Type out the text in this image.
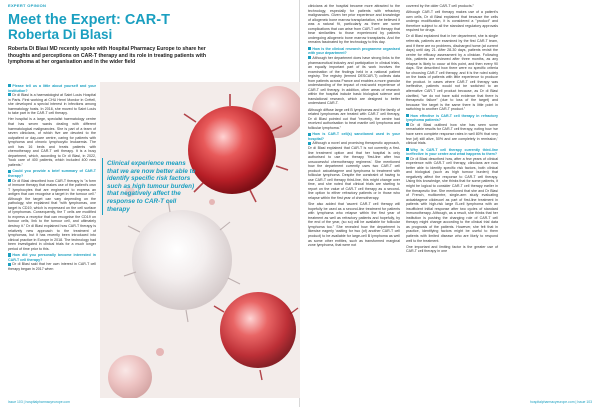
EXPERT OPINION
Meet the Expert: CAR-T
Roberta Di Blasi

Roberta Di Blasi MD recently spoke with Hospital Pharmacy Europe to share her thoughts and perceptions on CAR-T therapy and its role in treating patients with lymphoma at her organisation and in the wider field

Please tell us a little about yourself and your institution?

Dr di Blasi is a haematologist at Saint Louis Hospital in Paris. First working at CHU Henri Mondor in Créteil, she developed a special interest in infections among haematology hosts. In 2016, she moved to Saint Louis to take part in the CAR-T cell therapy.

Her hospital is a large, specialist haematology centre that has seven wards dealing with different haematological malignancies. She is part of a team of seven clinicians, of which five are devoted to the outpatient or day-care centre, caring for patients with lymphoma and chronic lymphocytic leukaemia. The unit has 16 beds and treats patients with chemotherapy and CAR-T cell therapy. It is a busy department, which, according to Dr di Blasi, in 2022, "took care of 400 patients, which included 400 new patients."

Could you provide a brief summary of CAR-T therapy?

Dr di Blasi described how CAR-T therapy is "a form of immune therapy that makes use of the patient's own T lymphocytes that are engineered to express an antigen that can recognise a target in the tumour cell." Although the target can vary depending on the pathology, she explained that "with lymphomas, one target is CD19, which is expressed on the cell surface of lymphomas. Consequently, the T cells are modified to express a receptor that can recognise the CD19 on tumour cells, link to the tumour cell, and ultimately destroy it." Dr di Blasi explained how CAR-T therapy is relatively new approach to the treatment of lymphomas, but it has recently been introduced into clinical practice in Europe in 2018. The technology had been investigated in clinical trials for a much longer period of time prior to this.

How did you personally become interested in CAR-T cell therapy?

Dr di Blasi said that her own interest in CAR-T cell therapy began in 2017 when

Clinical experience means that we are now better able to identify specific risk factors such as high tumour burden) that negatively affect the response to CAR-T cell therapy
Issue 103 | hospitalpharmacyeurope.com

clinicians at the hospital became more attracted to the technology, especially for patients with refractory malignancies. Given her prior experience and knowledge of allogeneic bone marrow transplantation, she believed it was a natural fit, particularly as there are some complications that can arise from CAR-T cell therapy that bear similarities to those experienced by patients undergoing allogeneic bone marrow transplants. And the remains fascinated by the technology to this day.

How is the clinical research programme organised with your department?

Although her department does have strong links to the pharmaceutical industry and participation in clinical trials, an equally important part of its work involves the examination of the findings held in a national patient registry. The registry (termed DESCAR-T) collects data from patients across France and enables a more granular understanding of the impact of real-world experience of CAR-T cell therapy. In addition, other areas of research within the hospital include basic biological science and translational research, which are designed to better understand CAR-T.

Although diffuse large cell B lymphomas and the family of related lymphomas are treated with CAR-T cell therapy, Dr di Blasi pointed out that "recently, the centre had received authorisation to treat mantle cell lymphoma and follicular lymphoma."

How is CAR-T cell(s) sanctioned used in your hospital?

Although a novel and promising therapeutic approach, Dr di Blasi explained that CAR-T is not currently a first-line treatment option and that her hospital is only authorised to use the therapy 'first-line after two unsuccessful chemotherapy regimens'. She mentioned how the department currently uses two CAR-T cell product: axicabtagene and lymphoma to treatment with follicular lymphoma. Despite the constraint of having to use CAR-T cell therapy third-line, this might change over time, and she noted that clinical trials are starting to report on the value of CAR-T cell therapy as a second-line option to either refractory patients or in those who relapse within the first year of chemotherapy.

She also added that 'ascent CAR-T cell therapy will hopefully be used as a second-line treatment for patients with lymphoma who relapse within the first year of treatment as well as refractory patients and hopefully, by the end of the year, (so so) will be available for follicular lymphoma too." She revealed how the department is likewise eagerly 'waiting for two (of) another CAR-T cell product) to be available for large-cell B lymphoma as well as some other entities, such as transformed marginal zone lymphoma, that were not

covered by the older CAR-T cell products."

Although CAR-T cell therapy makes use of a patient's own cells, Dr di Blasi explained that because the cells undergo modification, it is considered a "product" and therefore subject to all the standard regulatory approvals required for drugs.

Dr di Blasi explained that in her department, she is single referrals, patients are examined by the first CAR-T team, and if there are no problems, discharged home (at current days) until day 21. After 28-30 days, patients revisit the centre for efficacy assessment by a clinician. Following this, patients are reviewed after three months, as any relapse is likely to occur at this point, and then every 90 days. She described how there were no specific criteria for choosing CAR-T cell therapy, and it is the ruled solely on the basis of patients with little experience to produce the product. In cases where CAR-T cell therapy was ineffective, patients would not be switched to an alternative CAR-T cell product because, as Dr di Blasi clarified, "we do not have solid evidence that there is therapeutic failure" (due to loss of the target) and because 'the target is the same there is little point in switching to another CAR-T product."

How effective is CAR-T cell therapy in refractory lymphoma patients?

Dr di Blasi outlined how she has seen some remarkable results for CAR-T cell therapy, noting how 'we have seen complete response rates in well 80% that very few (of) still alive, 50% and are completely in remission,' clinical trials.

Why is CAR-T cell therapy currently third-line ineffective in your centre and what happens to them?

Dr di Blasi described how, after a few years of clinical experience with CAR-T cell therapy, clinicians are now better able to identify specific risk factors, both clinical and biological (such as high tumour burden) that negatively affect the response to CAR-T cell therapy. Using this knowledge, she thinks that for some patients, it might be logical to consider CAR-T cell therapy earlier in the therapeutic line. She mentioned that she and Dr Blasi of French, multicentre, single-arm study evaluating axicabtagene ciloleucel as part of first-line treatment in patients with high-risk large B-cell lymphoma with an insufficient initial response after two cycles of standard immunotherapy. Although, as a result, she thinks that her institution is pushing the changing role of CAR-T cell therapy might change according to the clinical trial data as prognosis of the patients. However, she felt that in practice, identifying factors might be useful to them patients with limited disease who are likely to respond well to the treatment.

One important and limiting factor is the greater use of CAR-T cell therapy in one

hospitalpharmacyeurope.com | Issue 103
